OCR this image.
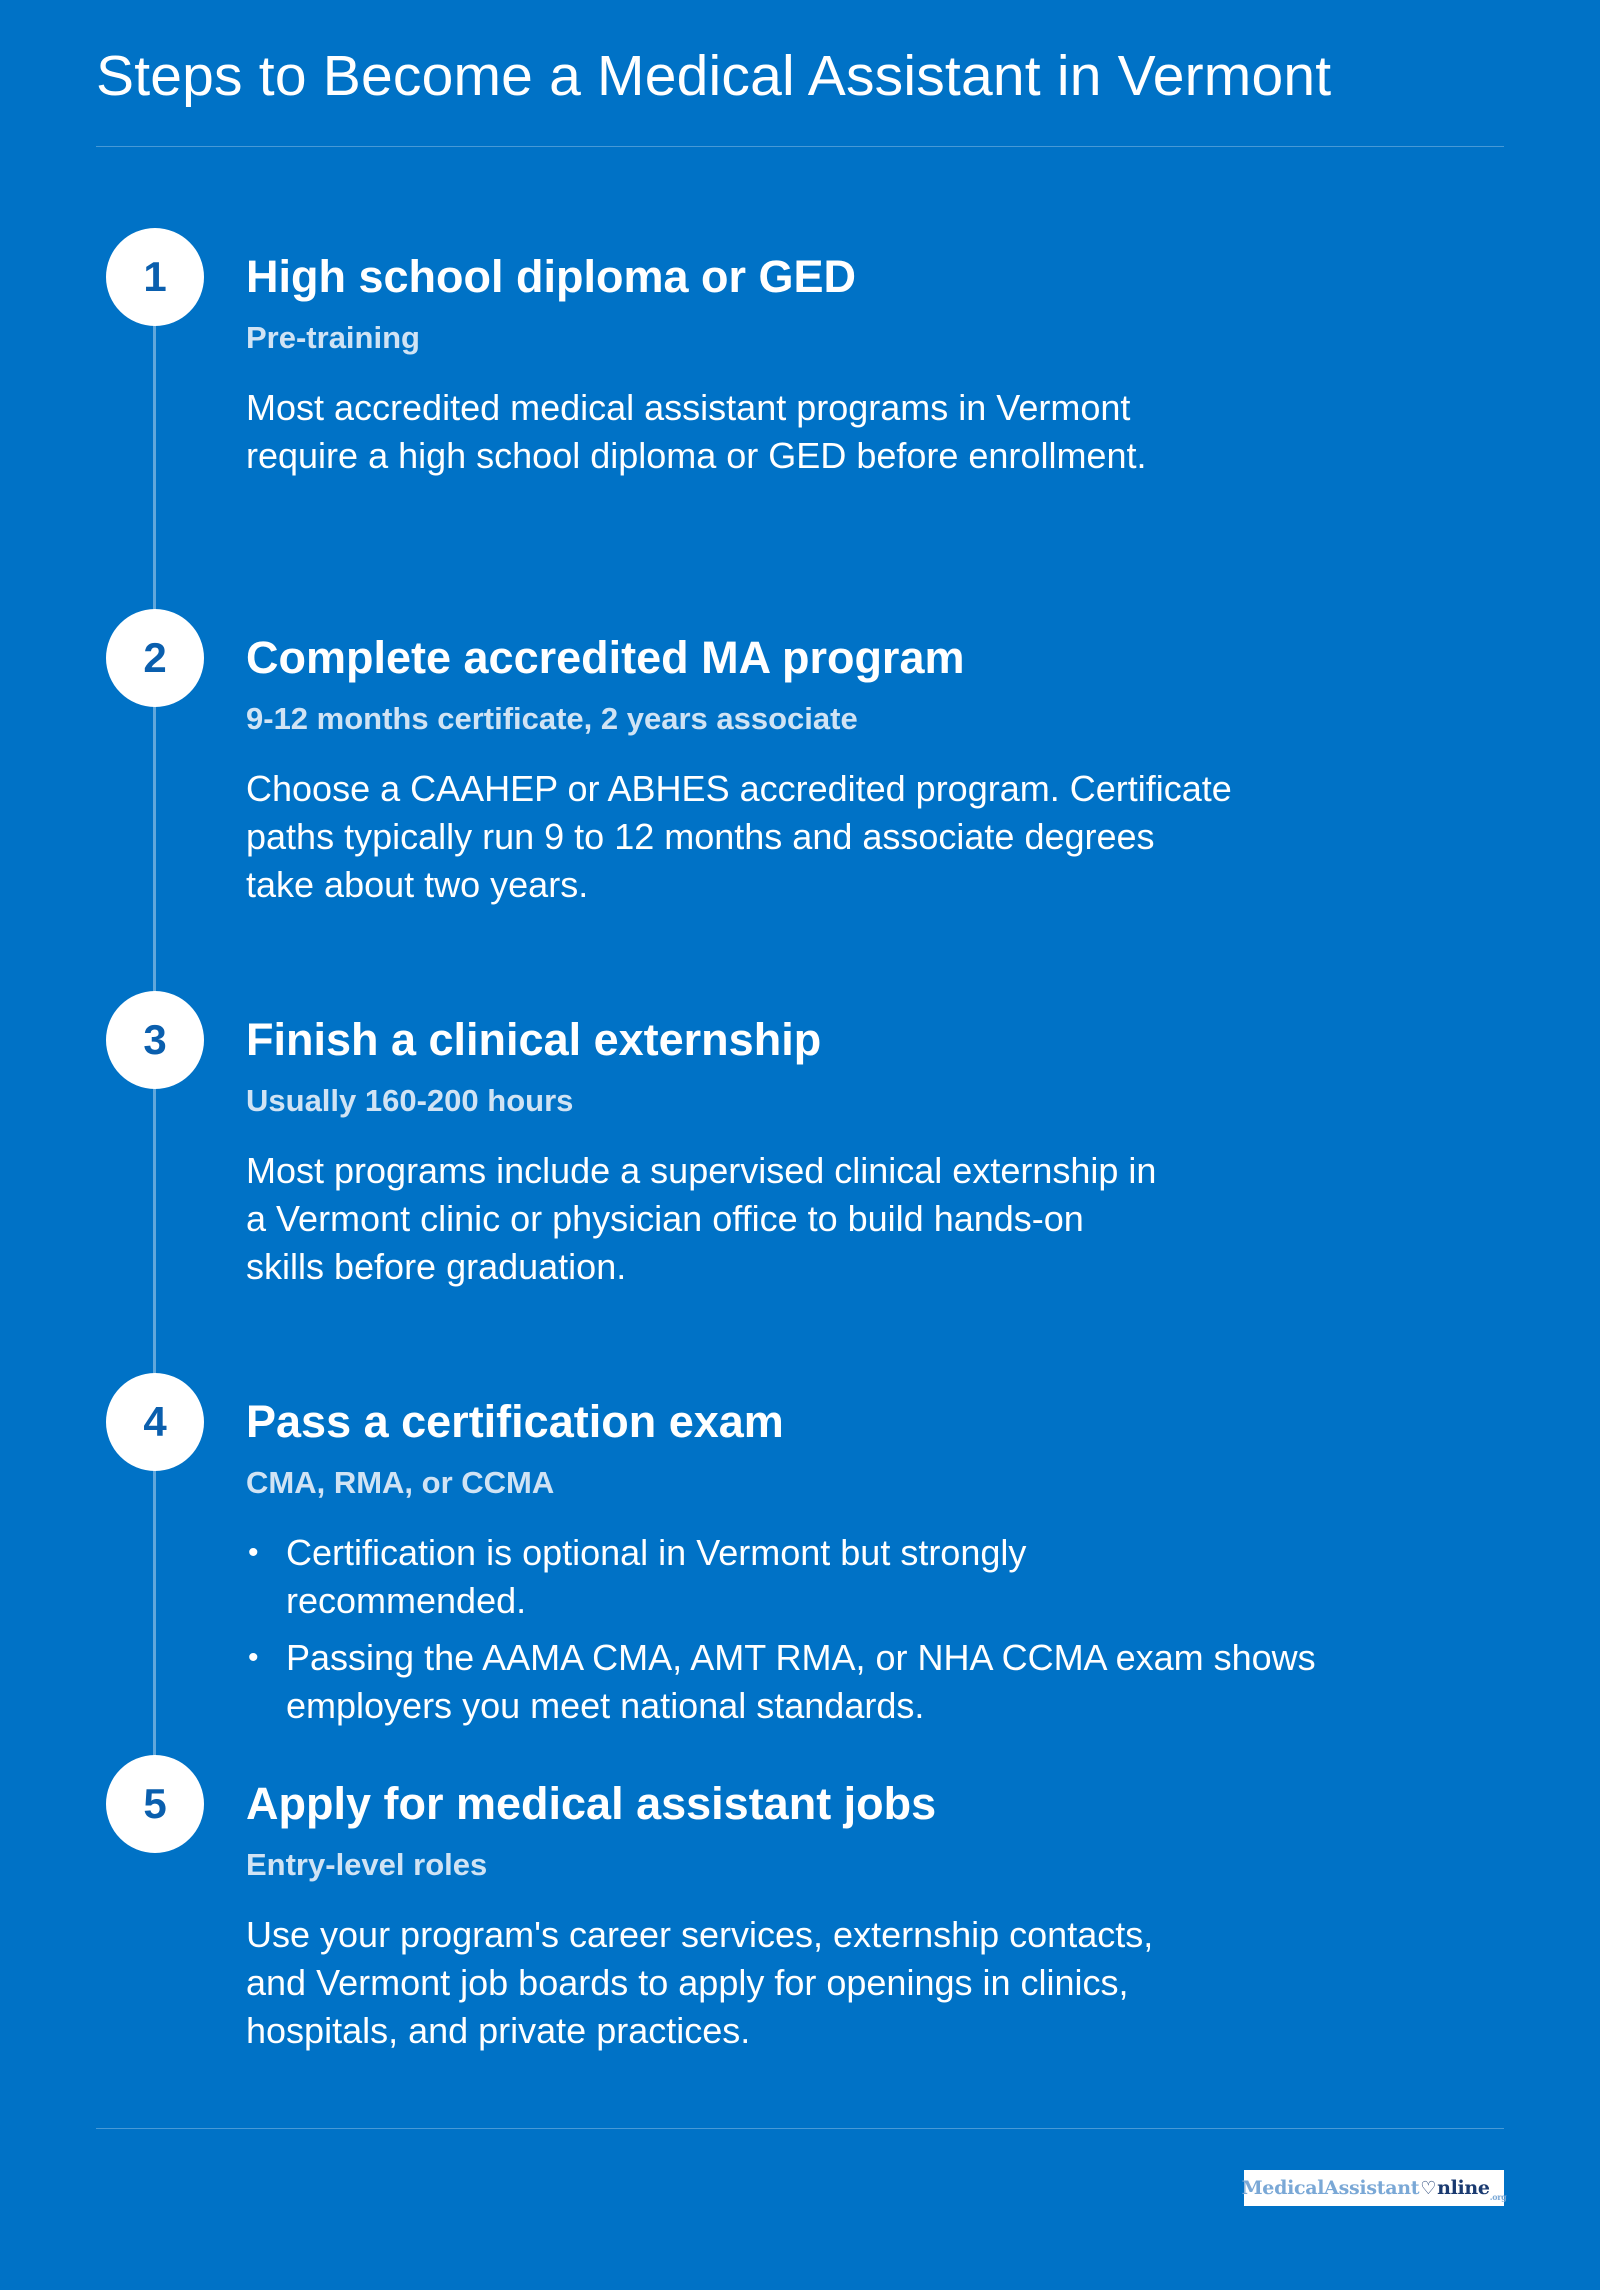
Steps to Become a Medical Assistant in Vermont
1	High school diploma or GED
Pre-training

Most accredited medical assistant programs in Vermont
require a high school diploma or GED before enrollment.

2	Complete accredited MA program
9-12 months certificate, 2 years associate

Choose a CAAHEP or ABHES accredited program. Certificate
paths typically run 9 to 12 months and associate degrees
take about two years.

3	Finish a clinical externship
Usually 160-200 hours

Most programs include a supervised clinical externship in
a Vermont clinic or physician office to build hands-on
skills before graduation.

4	Pass a certification exam
CMA, RMA, or CCMA
• Certification is optional in Vermont but strongly
recommended.
• Passing the AAMA CMA, AMT RMA, or NHA CCMA exam shows
employers you meet national standards.
5	Apply for medical assistant jobs
Entry-level roles

Use your program's career services, externship contacts,
and Vermont job boards to apply for openings in clinics,
hospitals, and private practices.

MedicalAssistant ♡ nline .org
